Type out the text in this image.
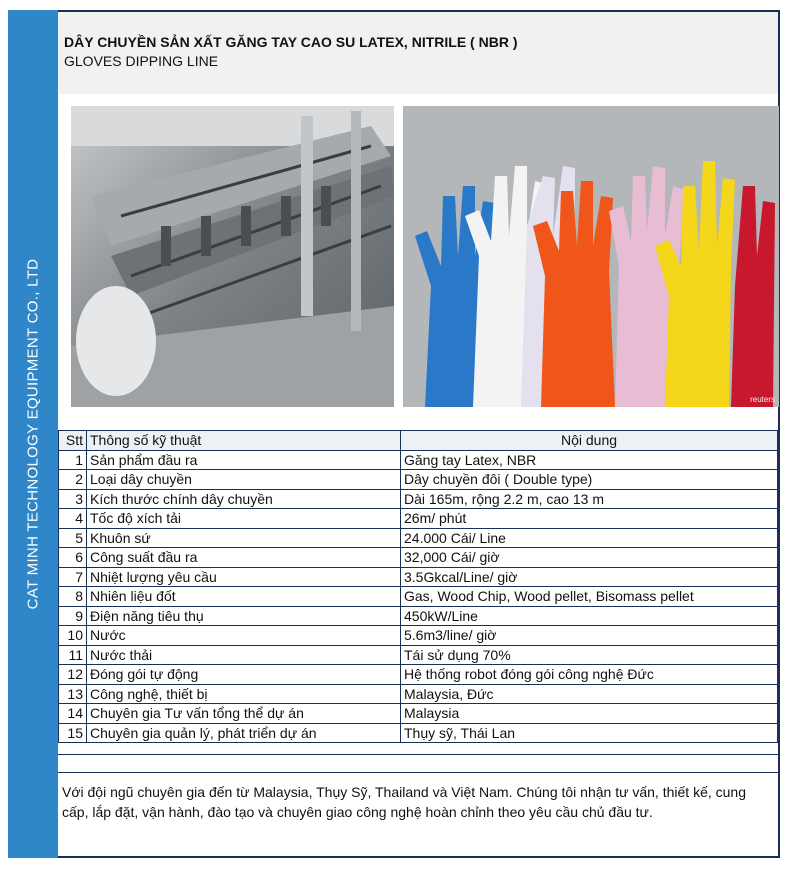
CAT MINH TECHNOLOGY EQUIPMENT CO., LTD
DÂY CHUYỀN SẢN XẤT GĂNG TAY CAO SU LATEX, NITRILE ( NBR )
GLOVES DIPPING LINE
reuters
Stt	Thông số kỹ thuật	Nội dung
1	Sản phẩm đầu ra	Găng tay Latex, NBR
2	Loại dây chuyền	Dây chuyền đôi ( Double type)
3	Kích thước chính dây chuyền	Dài 165m, rộng 2.2 m, cao 13 m
4	Tốc độ xích tải	26m/ phút
5	Khuôn sứ	24.000 Cái/ Line
6	Công suất đầu ra	32,000 Cái/ giờ
7	Nhiệt lượng yêu cầu	3.5Gkcal/Line/ giờ
8	Nhiên liệu đốt	Gas, Wood Chip, Wood pellet, Bisomass pellet
9	Điện năng tiêu thụ	450kW/Line
10	Nước	5.6m3/line/ giờ
11	Nước thải	Tái sử dụng 70%
12	Đóng gói tự động	Hệ thống robot đóng gói công nghệ Đức
13	Công nghệ, thiết bị	Malaysia, Đức
14	Chuyên gia Tư vấn tổng thể dự án	Malaysia
15	Chuyên gia quản lý, phát triển dự án	Thụy sỹ, Thái Lan
Với đội ngũ chuyên gia đến từ Malaysia, Thụy Sỹ, Thailand và Việt Nam. Chúng tôi nhận tư vấn, thiết kế, cung cấp, lắp đặt, vận hành, đào tạo và chuyên giao công nghệ hoàn chỉnh theo yêu cầu chủ đầu tư.
